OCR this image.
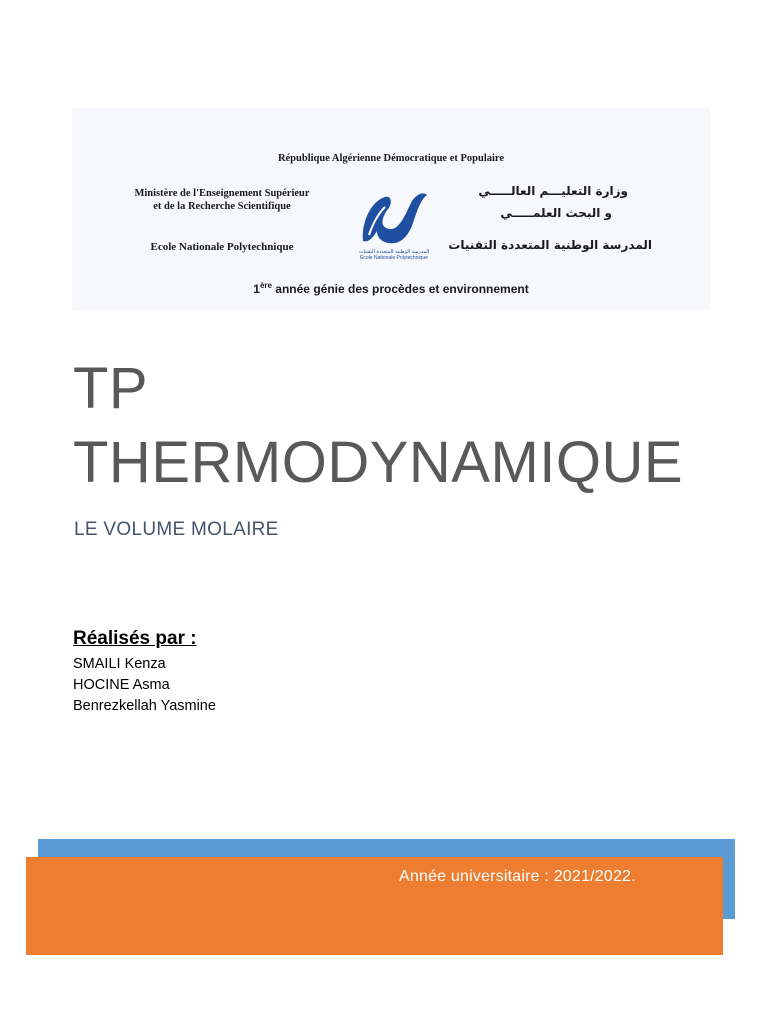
République Algérienne Démocratique et Populaire
Ministère de l'Enseignement Supérieur
et de la Recherche Scientifique
Ecole Nationale Polytechnique	المدرسة الوطنية المتعددة التقنيات
Ecole Nationale Polytechnique
وزارة التعليـــم العالـــــي
و البحث العلمـــــي
المدرسة الوطنية المتعددة التقنيات
1ère année génie des procèdes et environnement
TP
THERMODYNAMIQUE
LE VOLUME MOLAIRE
Réalisés par :
SMAILI Kenza
HOCINE Asma
Benrezkellah Yasmine
Année universitaire : 2021/2022.
